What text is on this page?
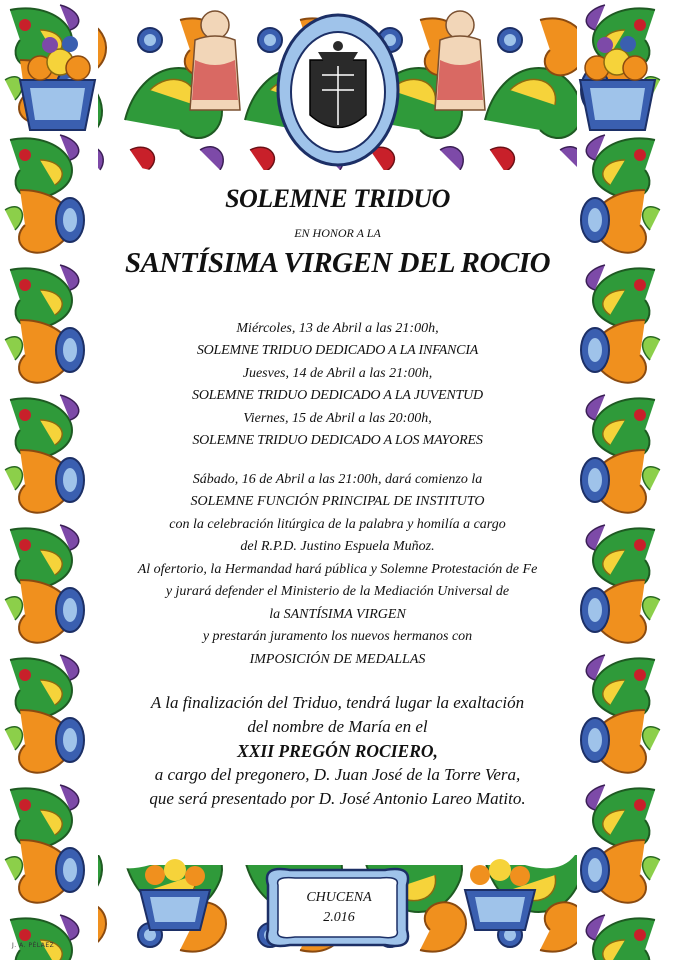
SOLEMNE TRIDUO

EN HONOR A LA

SANTÍSIMA VIRGEN DEL ROCIO
Miércoles, 13 de Abril a las 21:00h,
SOLEMNE TRIDUO DEDICADO A LA INFANCIA
Juesves, 14 de Abril a las 21:00h,
SOLEMNE TRIDUO DEDICADO A LA JUVENTUD
Viernes, 15 de Abril a las 20:00h,
SOLEMNE TRIDUO DEDICADO A LOS MAYORES
Sábado, 16 de Abril a las 21:00h, dará comienzo la
SOLEMNE FUNCIÓN PRINCIPAL DE INSTITUTO
con la celebración litúrgica de la palabra y homilía a cargo
del R.P.D. Justino Espuela Muñoz.
Al ofertorio, la Hermandad hará pública y Solemne Protestación de Fe
y jurará defender el Ministerio de la Mediación Universal de
la SANTÍSIMA VIRGEN
y prestarán juramento los nuevos hermanos con
IMPOSICIÓN DE MEDALLAS
A la finalización del Triduo, tendrá lugar la exaltación
del nombre de María en el
XXII PREGÓN ROCIERO,
a cargo del pregonero, D. Juan José de la Torre Vera,
que será presentado por D. José Antonio Lareo Matito.
CHUCENA
2.016
J. A. PÉLAEZ
